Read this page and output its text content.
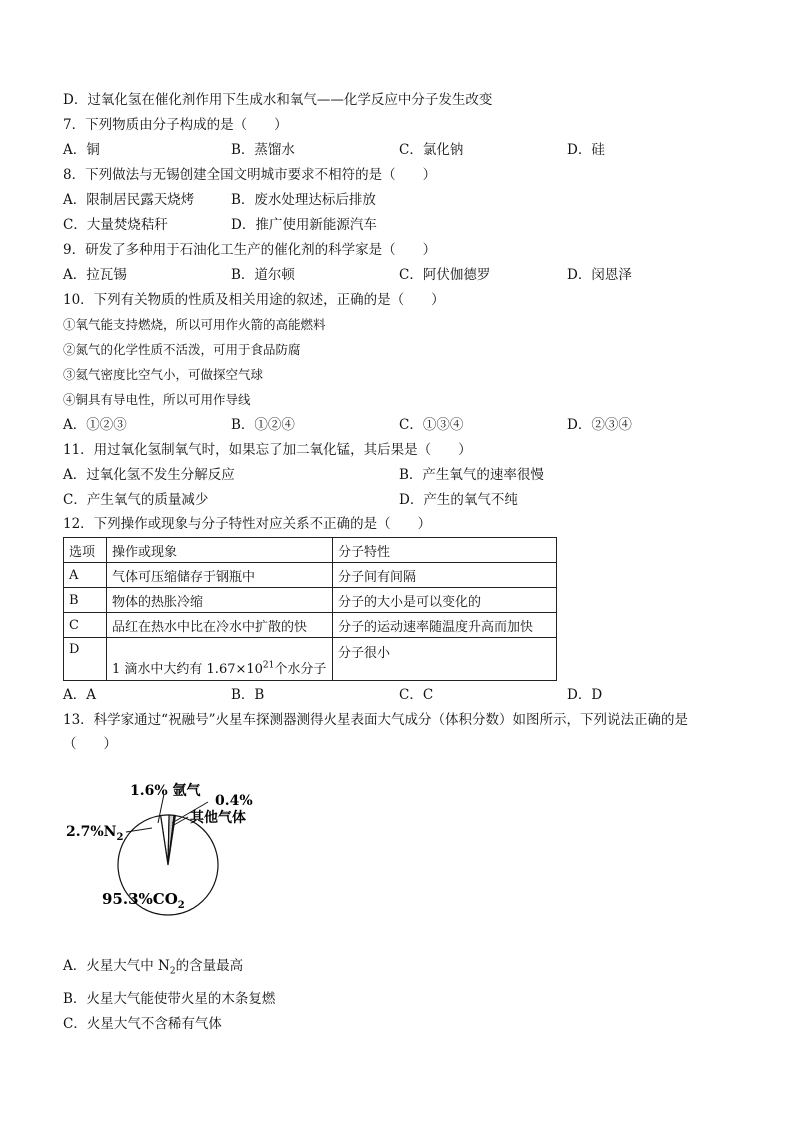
D．过氧化氢在催化剂作用下生成水和氧气——化学反应中分子发生改变
7．下列物质由分子构成的是（　　）
A．铜	B．蒸馏水	C．氯化钠	D．硅
8．下列做法与无锡创建全国文明城市要求不相符的是（　　）
A．限制居民露天烧烤	B．废水处理达标后排放
C．大量焚烧秸秆	D．推广使用新能源汽车
9．研发了多种用于石油化工生产的催化剂的科学家是（　　）
A．拉瓦锡	B．道尔顿	C．阿伏伽德罗	D．闵恩泽
10．下列有关物质的性质及相关用途的叙述，正确的是（　　）
①氧气能支持燃烧，所以可用作火箭的高能燃料
②氮气的化学性质不活泼，可用于食品防腐
③氦气密度比空气小，可做探空气球
④铜具有导电性，所以可用作导线
A．①②③	B．①②④	C．①③④	D．②③④
11．用过氧化氢制氧气时，如果忘了加二氧化锰，其后果是（　　）
A．过氧化氢不发生分解反应	B．产生氧气的速率很慢
C．产生氧气的质量减少	D．产生的氧气不纯
12．下列操作或现象与分子特性对应关系不正确的是（　　）
选项	操作或现象	分子特性
A	气体可压缩储存于钢瓶中	分子间有间隔
B	物体的热胀冷缩	分子的大小是可以变化的
C	品红在热水中比在冷水中扩散的快	分子的运动速率随温度升高而加快
D	1 滴水中大约有 $1.67\times 10^{21}$个水分子	分子很小
A．A	B．B	C．C	D．D
13．科学家通过“祝融号”火星车探测器测得火星表面大气成分（体积分数）如图所示，下列说法正确的是
（　　）
1.6% 氩气
0.4%
其他气体
$2.7\%N_2$
$95.3\%CO_2$
A．火星大气中 $N_2$的含量最高
B．火星大气能使带火星的木条复燃
C．火星大气不含稀有气体
